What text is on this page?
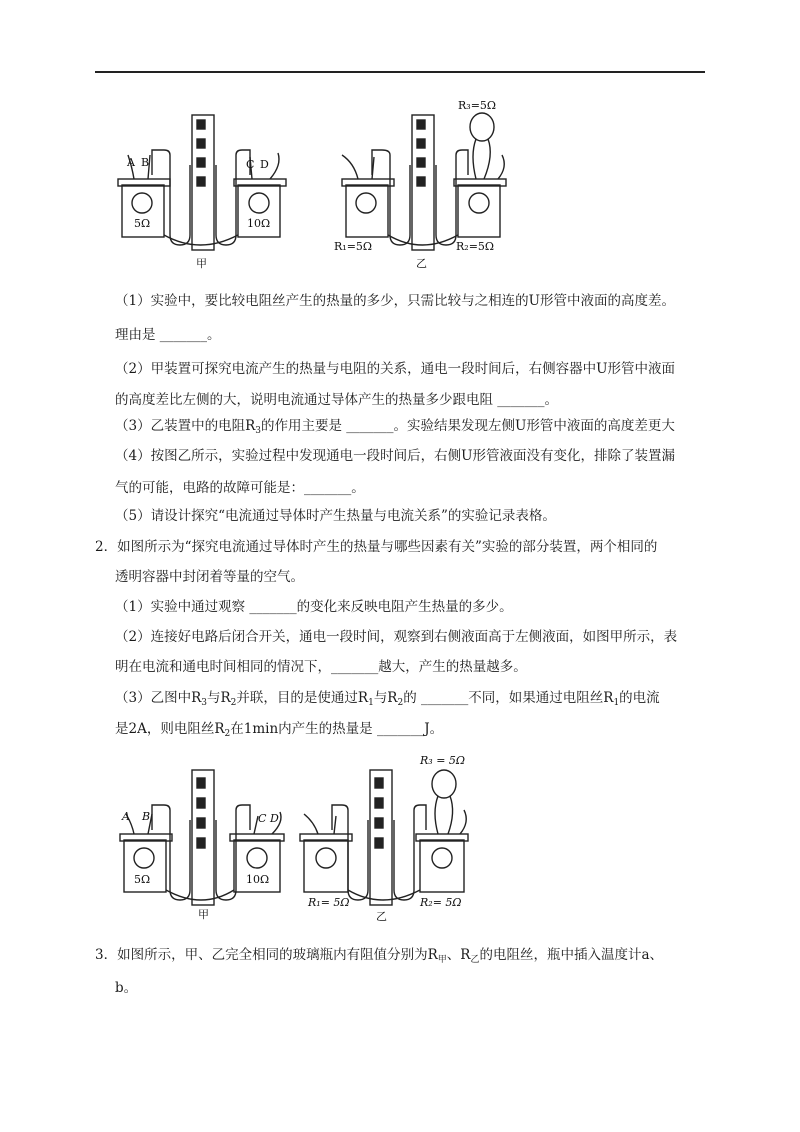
A B	C D
5Ω	10Ω
甲
R₃=5Ω
R₁=5Ω	R₂=5Ω
乙
（1）实验中，要比较电阻丝产生的热量的多少，只需比较与之相连的U形管中液面的高度差。
理由是 _______。
（2）甲装置可探究电流产生的热量与电阻的关系，通电一段时间后，右侧容器中U形管中液面
的高度差比左侧的大，说明电流通过导体产生的热量多少跟电阻 _______。
（3）乙装置中的电阻$R_3$的作用主要是 _______。实验结果发现左侧U形管中液面的高度差更大
（4）按图乙所示，实验过程中发现通电一段时间后，右侧U形管液面没有变化，排除了装置漏
气的可能，电路的故障可能是：_______。
（5）请设计探究“电流通过导体时产生热量与电流关系”的实验记录表格。
2．如图所示为“探究电流通过导体时产生的热量与哪些因素有关”实验的部分装置，两个相同的
透明容器中封闭着等量的空气。
（1）实验中通过观察 _______的变化来反映电阻产生热量的多少。
（2）连接好电路后闭合开关，通电一段时间，观察到右侧液面高于左侧液面，如图甲所示，表
明在电流和通电时间相同的情况下，_______越大，产生的热量越多。
（3）乙图中$R_3$与$R_2$并联，目的是使通过$R_1$与$R_2$的 _______不同，如果通过电阻丝$R_1$的电流
是2A，则电阻丝$R_2$在1min内产生的热量是 _______J。
A B	C D
5Ω	10Ω
甲
R₃ = 5Ω
R₁= 5Ω	R₂= 5Ω
乙
3．如图所示，甲、乙完全相同的玻璃瓶内有阻值分别为$R_甲$、$R_乙$的电阻丝，瓶中插入温度计a、
b。
